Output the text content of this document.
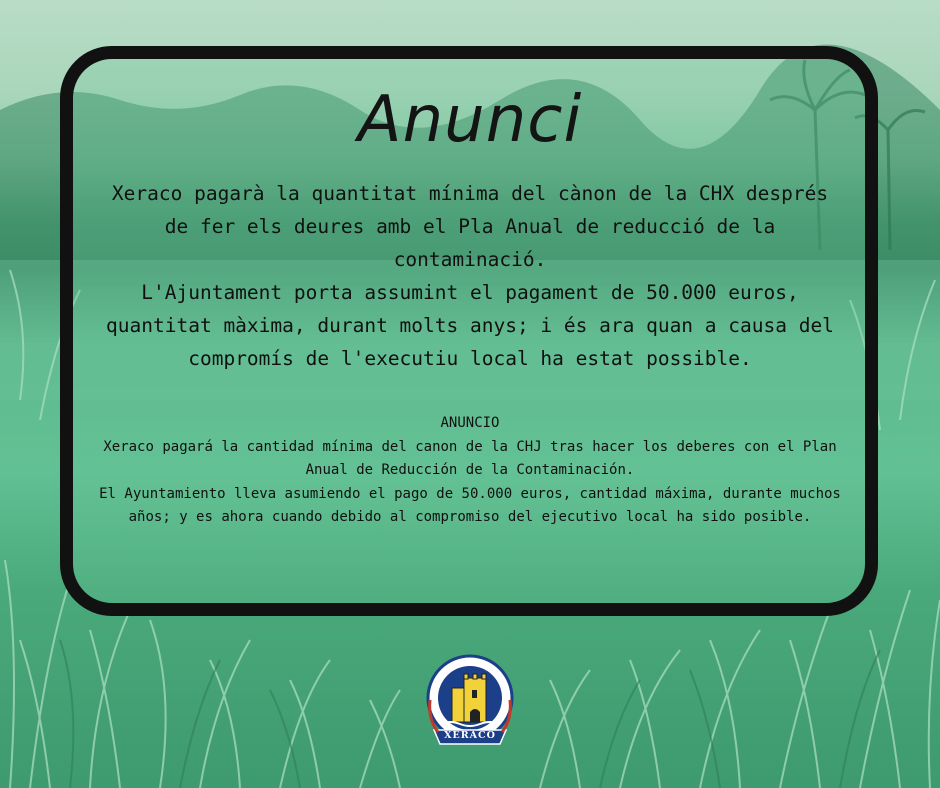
Anunci

Xeraco pagarà la quantitat mínima del cànon de la CHX després de fer els deures amb el Pla Anual de reducció de la contaminació.

L'Ajuntament porta assumint el pagament de 50.000 euros, quantitat màxima, durant molts anys; i és ara quan a causa del compromís de l'executiu local ha estat possible.

ANUNCIO

Xeraco pagará la cantidad mínima del canon de la CHJ tras hacer los deberes con el Plan Anual de Reducción de la Contaminación.

El Ayuntamiento lleva asumiendo el pago de 50.000 euros, cantidad máxima, durante muchos años; y es ahora cuando debido al compromiso del ejecutivo local ha sido posible.

XERACO
